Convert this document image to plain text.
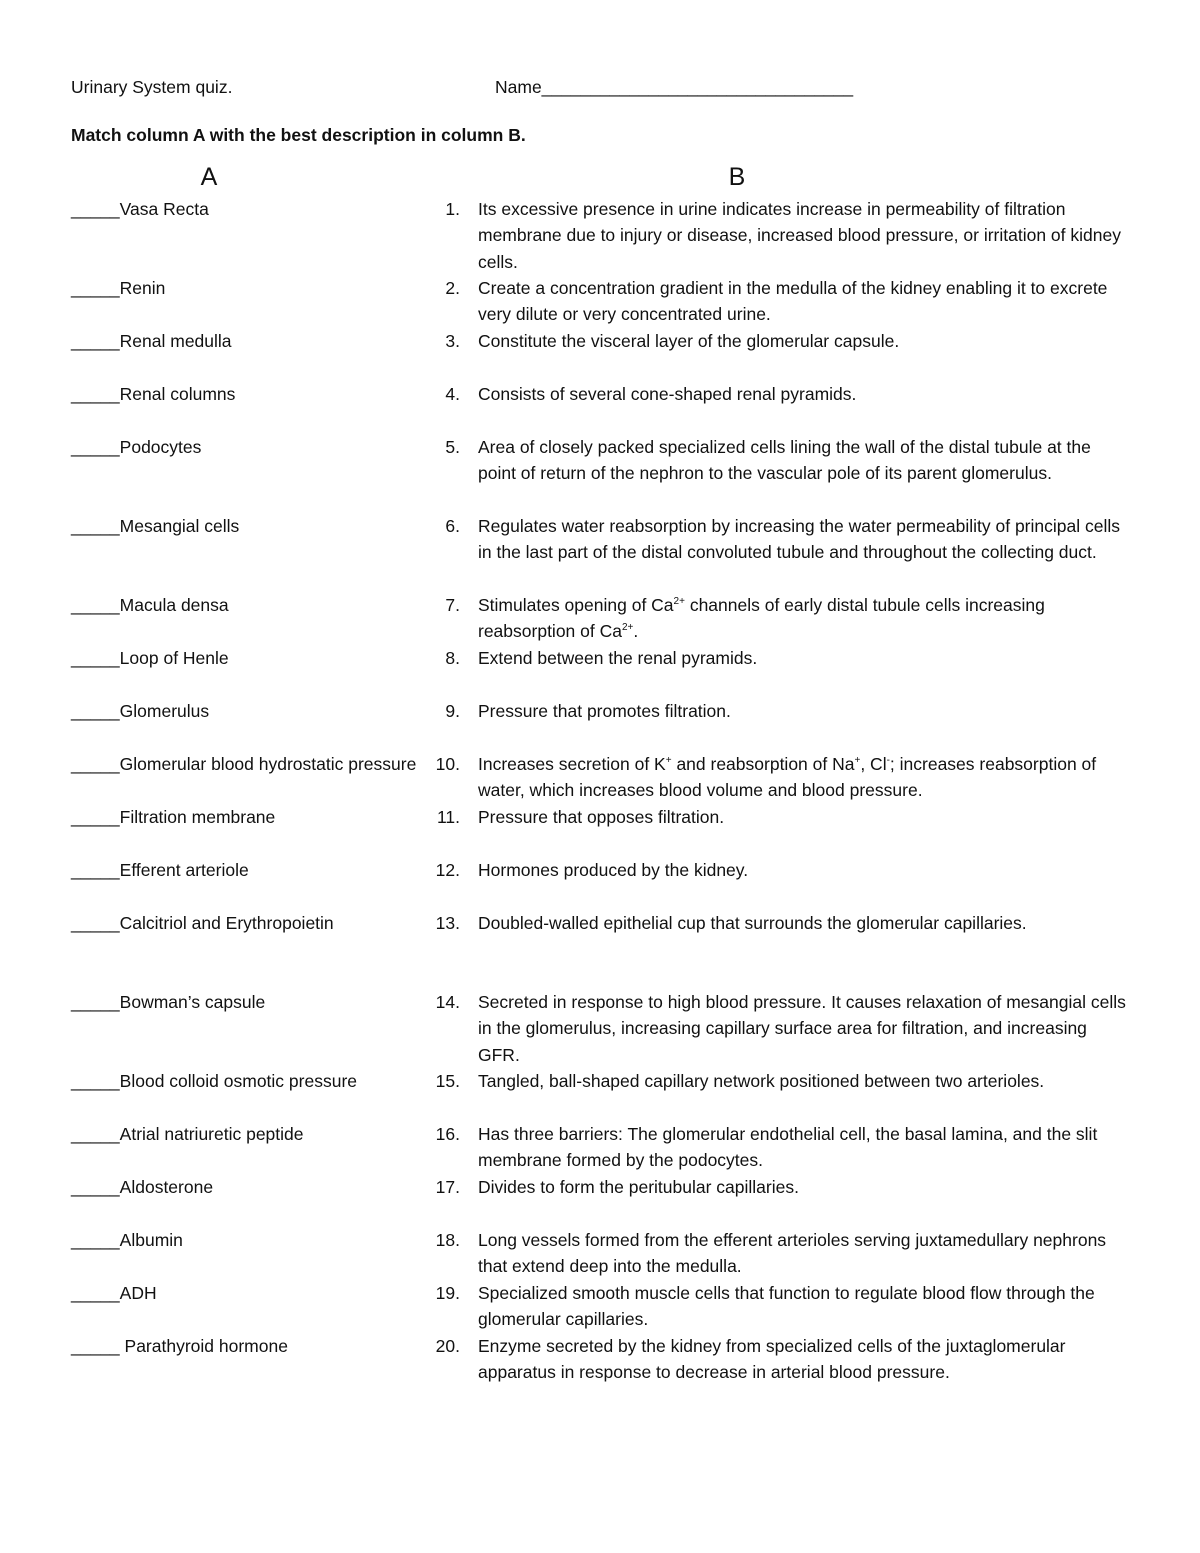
Urinary System quiz.	Name________________________________
Match column A with the best description in column B.
A	B
_____Vasa Recta	1.	Its excessive presence in urine indicates increase in permeability of filtration membrane due to injury or disease, increased blood pressure, or irritation of kidney cells.
_____Renin	2.	Create a concentration gradient in the medulla of the kidney enabling it to excrete very dilute or very concentrated urine.
_____Renal medulla	3.	Constitute the visceral layer of the glomerular capsule.
_____Renal columns	4.	Consists of several cone-shaped renal pyramids.
_____Podocytes	5.	Area of closely packed specialized cells lining the wall of the distal tubule at the point of return of the nephron to the vascular pole of its parent glomerulus.
_____Mesangial cells	6.	Regulates water reabsorption by increasing the water permeability of principal cells in the last part of the distal convoluted tubule and throughout the collecting duct.
_____Macula densa	7.	Stimulates opening of $Ca^{2+}$ channels of early distal tubule cells increasing reabsorption of $Ca^{2+}$.
_____Loop of Henle	8.	Extend between the renal pyramids.
_____Glomerulus	9.	Pressure that promotes filtration.
_____Glomerular blood hydrostatic pressure	10.	Increases secretion of K+ and reabsorption of Na+, Cl-; increases reabsorption of water, which increases blood volume and blood pressure.
_____Filtration membrane	11.	Pressure that opposes filtration.
_____Efferent arteriole	12.	Hormones produced by the kidney.
_____Calcitriol and Erythropoietin	13.	Doubled-walled epithelial cup that surrounds the glomerular capillaries.
_____Bowman’s capsule	14.	Secreted in response to high blood pressure. It causes relaxation of mesangial cells in the glomerulus, increasing capillary surface area for filtration, and increasing GFR.
_____Blood colloid osmotic pressure	15.	Tangled, ball-shaped capillary network positioned between two arterioles.
_____Atrial natriuretic peptide	16.	Has three barriers: The glomerular endothelial cell, the basal lamina, and the slit membrane formed by the podocytes.
_____Aldosterone	17.	Divides to form the peritubular capillaries.
_____Albumin	18.	Long vessels formed from the efferent arterioles serving juxtamedullary nephrons that extend deep into the medulla.
_____ADH	19.	Specialized smooth muscle cells that function to regulate blood flow through the glomerular capillaries.
_____ Parathyroid hormone	20.	Enzyme secreted by the kidney from specialized cells of the juxtaglomerular apparatus in response to decrease in arterial blood pressure.
